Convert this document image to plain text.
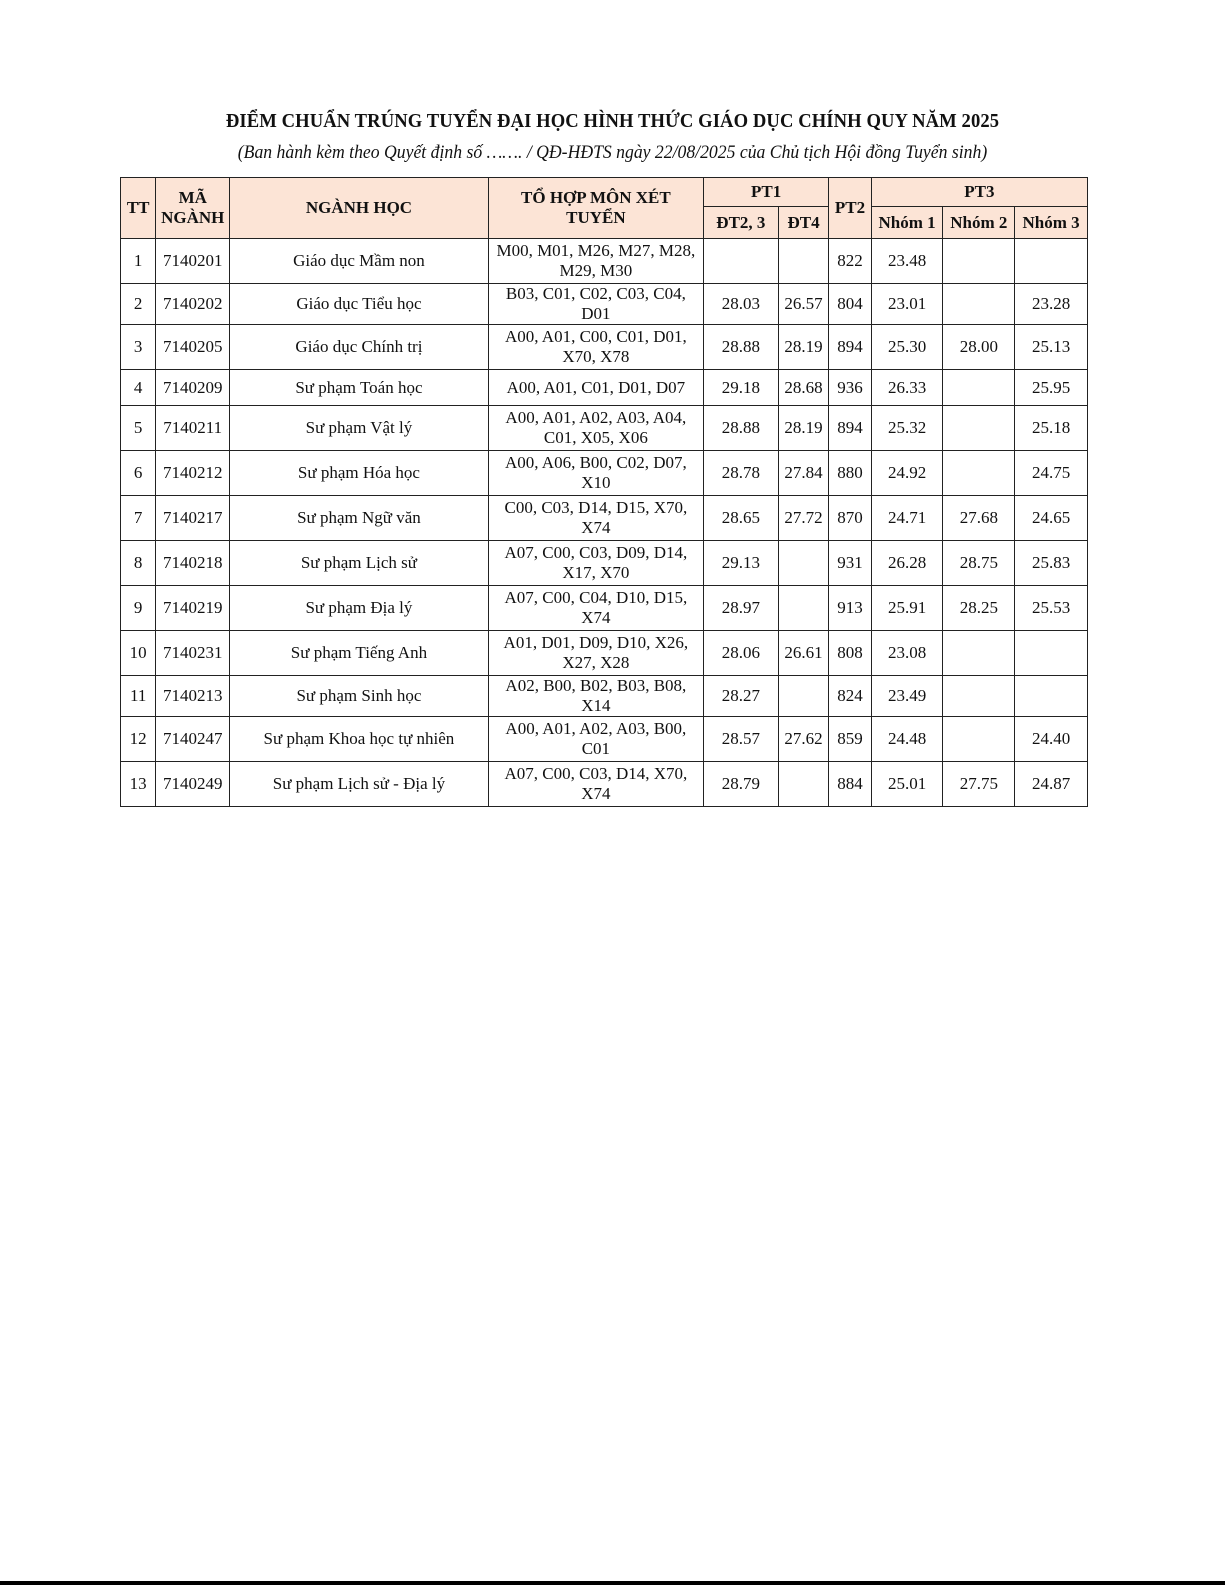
ĐIỂM CHUẨN TRÚNG TUYỂN ĐẠI HỌC HÌNH THỨC GIÁO DỤC CHÍNH QUY NĂM 2025
(Ban hành kèm theo Quyết định số ……. / QĐ-HĐTS ngày 22/08/2025 của Chủ tịch Hội đồng Tuyển sinh)
TT	MÃ NGÀNH	NGÀNH HỌC	TỔ HỢP MÔN XÉT TUYỂN	PT1		PT2	PT3		
				ĐT2, 3	ĐT4		Nhóm 1	Nhóm 2	Nhóm 3
1	7140201	Giáo dục Mầm non	M00, M01, M26, M27, M28, M29, M30			822	23.48		
2	7140202	Giáo dục Tiểu học	B03, C01, C02, C03, C04, D01	28.03	26.57	804	23.01		23.28
3	7140205	Giáo dục Chính trị	A00, A01, C00, C01, D01, X70, X78	28.88	28.19	894	25.30	28.00	25.13
4	7140209	Sư phạm Toán học	A00, A01, C01, D01, D07	29.18	28.68	936	26.33		25.95
5	7140211	Sư phạm Vật lý	A00, A01, A02, A03, A04, C01, X05, X06	28.88	28.19	894	25.32		25.18
6	7140212	Sư phạm Hóa học	A00, A06, B00, C02, D07, X10	28.78	27.84	880	24.92		24.75
7	7140217	Sư phạm Ngữ văn	C00, C03, D14, D15, X70, X74	28.65	27.72	870	24.71	27.68	24.65
8	7140218	Sư phạm Lịch sử	A07, C00, C03, D09, D14, X17, X70	29.13		931	26.28	28.75	25.83
9	7140219	Sư phạm Địa lý	A07, C00, C04, D10, D15, X74	28.97		913	25.91	28.25	25.53
10	7140231	Sư phạm Tiếng Anh	A01, D01, D09, D10, X26, X27, X28	28.06	26.61	808	23.08		
11	7140213	Sư phạm Sinh học	A02, B00, B02, B03, B08, X14	28.27		824	23.49		
12	7140247	Sư phạm Khoa học tự nhiên	A00, A01, A02, A03, B00, C01	28.57	27.62	859	24.48		24.40
13	7140249	Sư phạm Lịch sử - Địa lý	A07, C00, C03, D14, X70, X74	28.79		884	25.01	27.75	24.87
